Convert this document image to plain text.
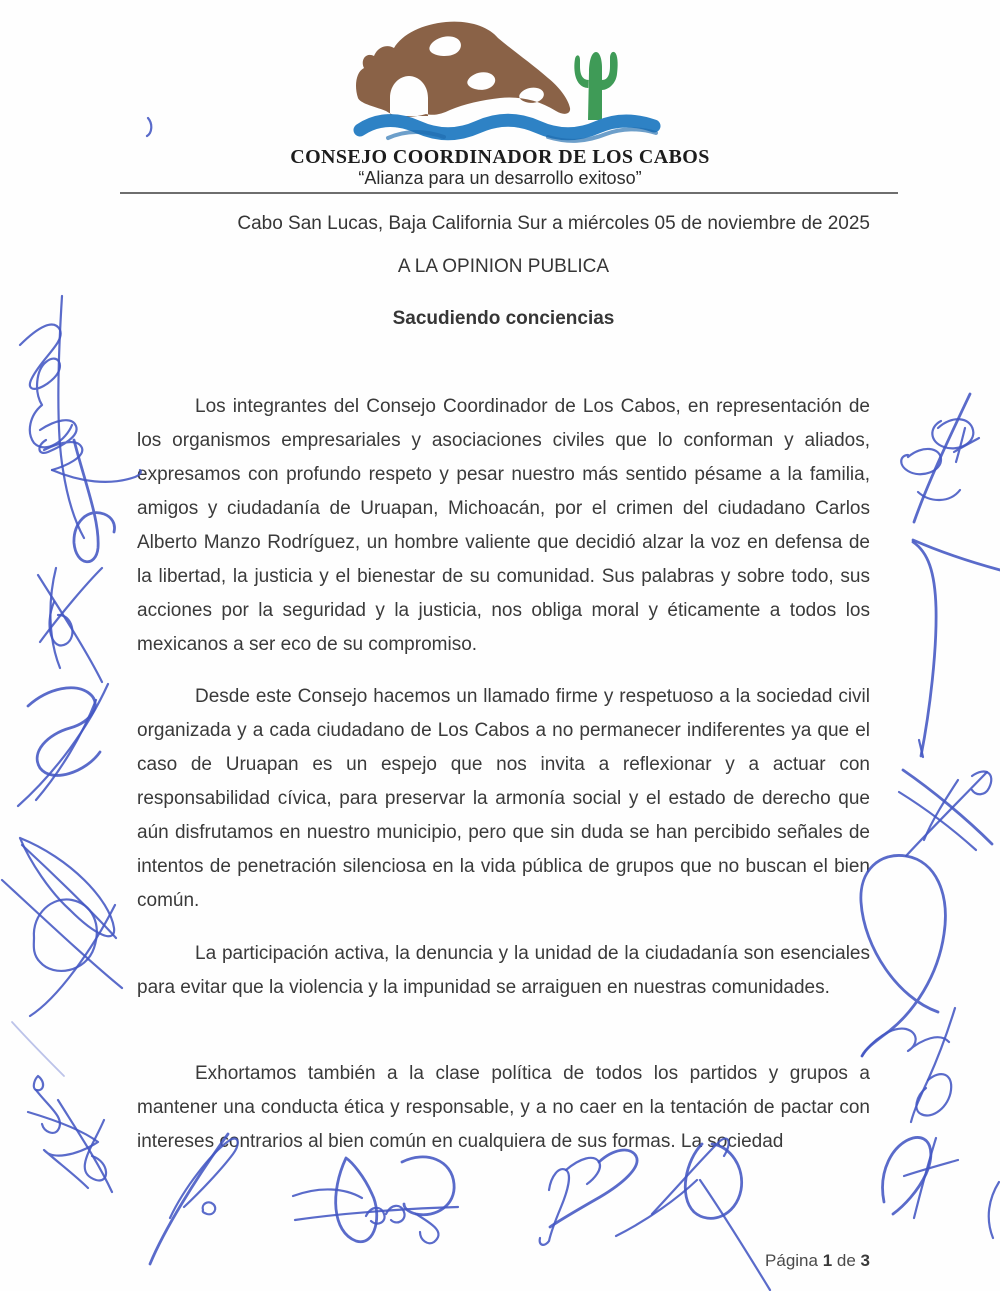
CONSEJO COORDINADOR DE LOS CABOS
“Alianza para un desarrollo exitoso”
Cabo San Lucas, Baja California Sur a miércoles 05 de noviembre de 2025
A LA OPINION PUBLICA
Sacudiendo conciencias

Los integrantes del Consejo Coordinador de Los Cabos, en representación de los organismos empresariales y asociaciones civiles que lo conforman y aliados, expresamos con profundo respeto y pesar nuestro más sentido pésame a la familia, amigos y ciudadanía de Uruapan, Michoacán, por el crimen del ciudadano Carlos Alberto Manzo Rodríguez, un hombre valiente que decidió alzar la voz en defensa de la libertad, la justicia y el bienestar de su comunidad. Sus palabras y sobre todo, sus acciones por la seguridad y la justicia, nos obliga moral y éticamente a todos los mexicanos a ser eco de su compromiso.

Desde este Consejo hacemos un llamado firme y respetuoso a la sociedad civil organizada y a cada ciudadano de Los Cabos a no permanecer indiferentes ya que el caso de Uruapan es un espejo que nos invita a reflexionar y a actuar con responsabilidad cívica, para preservar la armonía social y el estado de derecho que aún disfrutamos en nuestro municipio, pero que sin duda se han percibido señales de intentos de penetración silenciosa en la vida pública de grupos que no buscan el bien común.

La participación activa, la denuncia y la unidad de la ciudadanía son esenciales para evitar que la violencia y la impunidad se arraiguen en nuestras comunidades.

Exhortamos también a la clase política de todos los partidos y grupos a mantener una conducta ética y responsable, y a no caer en la tentación de pactar con intereses contrarios al bien común en cualquiera de sus formas. La sociedad

Página 1 de 3
